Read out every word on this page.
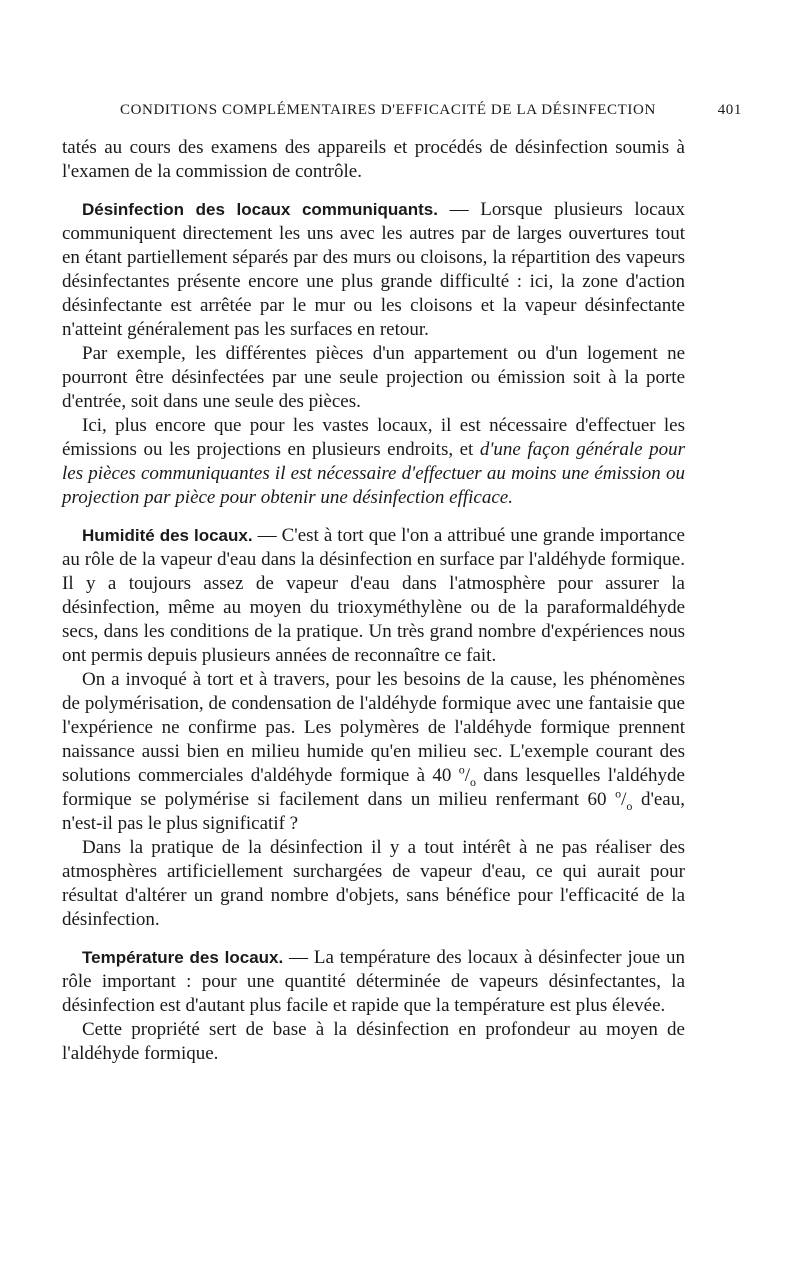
CONDITIONS COMPLÉMENTAIRES D'EFFICACITÉ DE LA DÉSINFECTION	401

tatés au cours des examens des appareils et procédés de désinfection soumis à l'examen de la commission de contrôle.

Désinfection des locaux communiquants. — Lorsque plusieurs locaux communiquent directement les uns avec les autres par de larges ouvertures tout en étant partiellement séparés par des murs ou cloisons, la répartition des vapeurs désinfectantes présente encore une plus grande difficulté : ici, la zone d'action désinfectante est arrêtée par le mur ou les cloisons et la vapeur désinfectante n'atteint généralement pas les surfaces en retour.

Par exemple, les différentes pièces d'un appartement ou d'un logement ne pourront être désinfectées par une seule projection ou émission soit à la porte d'entrée, soit dans une seule des pièces.

Ici, plus encore que pour les vastes locaux, il est nécessaire d'effectuer les émissions ou les projections en plusieurs endroits, et d'une façon générale pour les pièces communiquantes il est nécessaire d'effectuer au moins une émission ou projection par pièce pour obtenir une désinfection efficace.

Humidité des locaux. — C'est à tort que l'on a attribué une grande importance au rôle de la vapeur d'eau dans la désinfection en surface par l'aldéhyde formique. Il y a toujours assez de vapeur d'eau dans l'atmosphère pour assurer la désinfection, même au moyen du trioxyméthylène ou de la paraformaldéhyde secs, dans les conditions de la pratique. Un très grand nombre d'expériences nous ont permis depuis plusieurs années de reconnaître ce fait.

On a invoqué à tort et à travers, pour les besoins de la cause, les phénomènes de polymérisation, de condensation de l'aldéhyde formique avec une fantaisie que l'expérience ne confirme pas. Les polymères de l'aldéhyde formique prennent naissance aussi bien en milieu humide qu'en milieu sec. L'exemple courant des solutions commerciales d'aldéhyde formique à 40 $^o/_o$ dans lesquelles l'aldéhyde formique se polymérise si facilement dans un milieu renfermant 60 $^o/_o$ d'eau, n'est-il pas le plus significatif ?

Dans la pratique de la désinfection il y a tout intérêt à ne pas réaliser des atmosphères artificiellement surchargées de vapeur d'eau, ce qui aurait pour résultat d'altérer un grand nombre d'objets, sans bénéfice pour l'efficacité de la désinfection.

Température des locaux. — La température des locaux à désinfecter joue un rôle important : pour une quantité déterminée de vapeurs désinfectantes, la désinfection est d'autant plus facile et rapide que la température est plus élevée.

Cette propriété sert de base à la désinfection en profondeur au moyen de l'aldéhyde formique.
